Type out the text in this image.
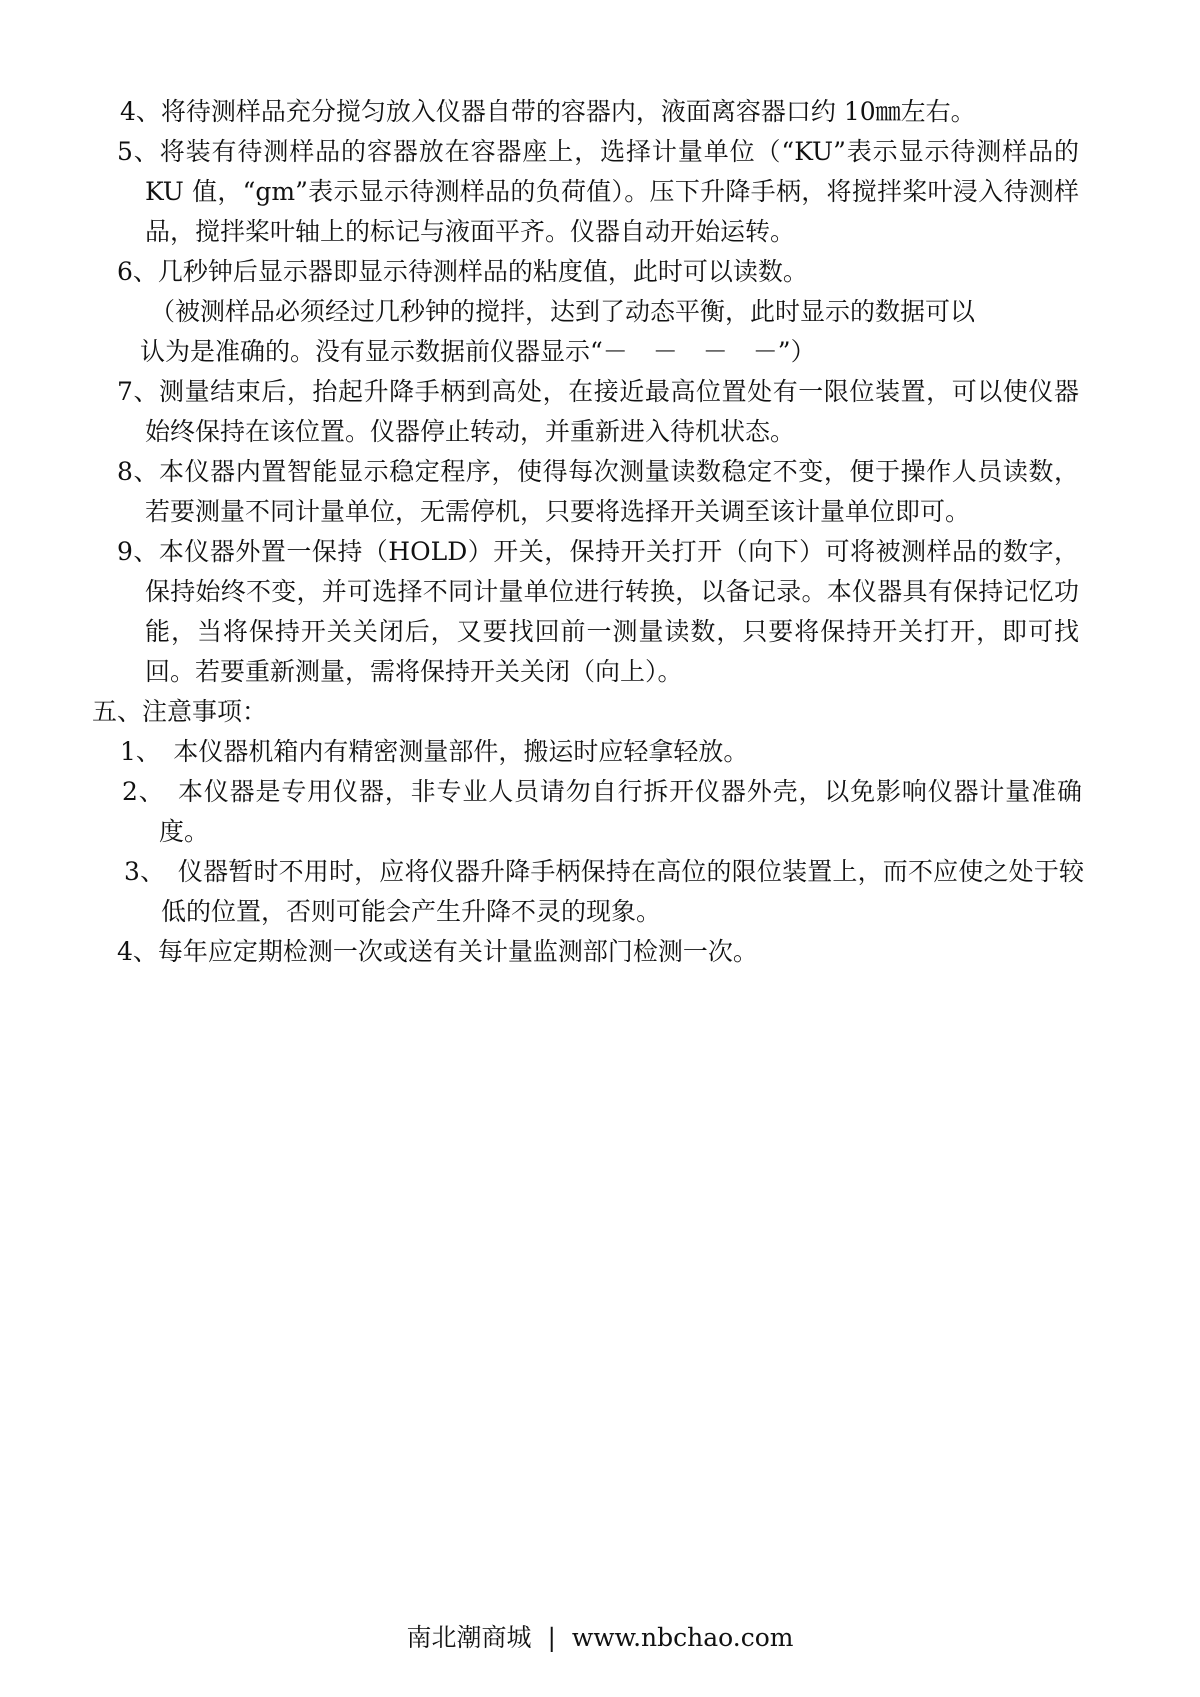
4、将待测样品充分搅匀放入仪器自带的容器内，液面离容器口约 10㎜左右。
5、将装有待测样品的容器放在容器座上，选择计量单位（“KU”表示显示待测样品的 KU 值，“gm”表示显示待测样品的负荷值）。压下升降手柄，将搅拌桨叶浸入待测样品，搅拌桨叶轴上的标记与液面平齐。仪器自动开始运转。
6、几秒钟后显示器即显示待测样品的粘度值，此时可以读数。
（被测样品必须经过几秒钟的搅拌，达到了动态平衡，此时显示的数据可以
认为是准确的。没有显示数据前仪器显示“－　－　－　－”）
7、测量结束后，抬起升降手柄到高处，在接近最高位置处有一限位装置，可以使仪器始终保持在该位置。仪器停止转动，并重新进入待机状态。
8、本仪器内置智能显示稳定程序，使得每次测量读数稳定不变，便于操作人员读数，若要测量不同计量单位，无需停机，只要将选择开关调至该计量单位即可。
9、本仪器外置一保持（HOLD）开关，保持开关打开（向下）可将被测样品的数字，保持始终不变，并可选择不同计量单位进行转换，以备记录。本仪器具有保持记忆功能，当将保持开关关闭后，又要找回前一测量读数，只要将保持开关打开，即可找回。若要重新测量，需将保持开关关闭（向上）。
五、注意事项：
1、　本仪器机箱内有精密测量部件，搬运时应轻拿轻放。
2、　本仪器是专用仪器，非专业人员请勿自行拆开仪器外壳，以免影响仪器计量准确度。
3、　仪器暂时不用时，应将仪器升降手柄保持在高位的限位装置上，而不应使之处于较低的位置，否则可能会产生升降不灵的现象。
4、每年应定期检测一次或送有关计量监测部门检测一次。
南北潮商城 | www.nbchao.com
